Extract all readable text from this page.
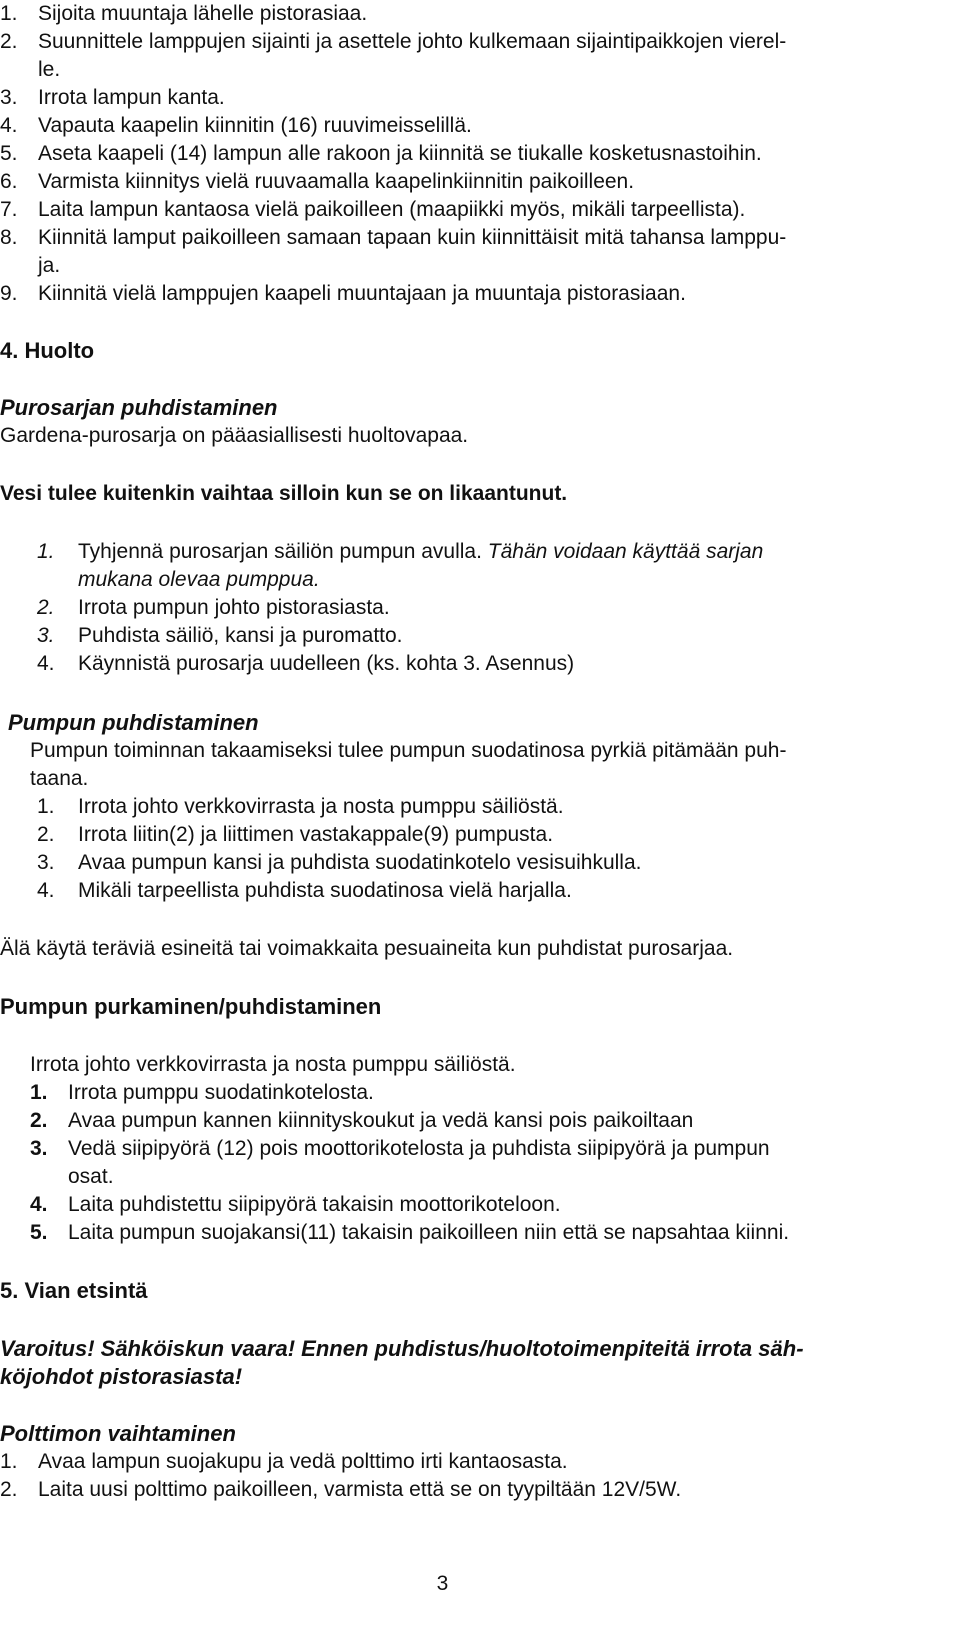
1. Sijoita muuntaja lähelle pistorasiaa.
2. Suunnittele lamppujen sijainti ja asettele johto kulkemaan sijaintipaikkojen vierel-
le.
3. Irrota lampun kanta.
4. Vapauta kaapelin kiinnitin (16) ruuvimeisselillä.
5. Aseta kaapeli (14) lampun alle rakoon ja kiinnitä se tiukalle kosketusnastoihin.
6. Varmista kiinnitys vielä ruuvaamalla kaapelinkiinnitin paikoilleen.
7. Laita lampun kantaosa vielä paikoilleen (maapiikki myös, mikäli tarpeellista).
8. Kiinnitä lamput paikoilleen samaan tapaan kuin kiinnittäisit mitä tahansa lamppu-
ja.
9. Kiinnitä vielä lamppujen kaapeli muuntajaan ja muuntaja pistorasiaan.
4. Huolto
Purosarjan puhdistaminen
Gardena-purosarja on pääasiallisesti huoltovapaa.
Vesi tulee kuitenkin vaihtaa silloin kun se on likaantunut.
1. Tyhjennä purosarjan säiliön pumpun avulla. Tähän voidaan käyttää sarjan
mukana olevaa pumppua.
2. Irrota pumpun johto pistorasiasta.
3. Puhdista säiliö, kansi ja puromatto.
4. Käynnistä purosarja uudelleen (ks. kohta 3. Asennus)
Pumpun puhdistaminen
Pumpun toiminnan takaamiseksi tulee pumpun suodatinosa pyrkiä pitämään puh-
taana.
1. Irrota johto verkkovirrasta ja nosta pumppu säiliöstä.
2. Irrota liitin(2) ja liittimen vastakappale(9) pumpusta.
3. Avaa pumpun kansi ja puhdista suodatinkotelo vesisuihkulla.
4. Mikäli tarpeellista puhdista suodatinosa vielä harjalla.
Älä käytä teräviä esineitä tai voimakkaita pesuaineita kun puhdistat purosarjaa.
Pumpun purkaminen/puhdistaminen
Irrota johto verkkovirrasta ja nosta pumppu säiliöstä.
1. Irrota pumppu suodatinkotelosta.
2. Avaa pumpun kannen kiinnityskoukut ja vedä kansi pois paikoiltaan
3. Vedä siipipyörä (12) pois moottorikotelosta ja puhdista siipipyörä ja pumpun
osat.
4. Laita puhdistettu siipipyörä takaisin moottorikoteloon.
5. Laita pumpun suojakansi(11) takaisin paikoilleen niin että se napsahtaa kiinni.
5. Vian etsintä
Varoitus! Sähköiskun vaara! Ennen puhdistus/huoltotoimenpiteitä irrota säh-
köjohdot pistorasiasta!
Polttimon vaihtaminen
1. Avaa lampun suojakupu ja vedä polttimo irti kantaosasta.
2. Laita uusi polttimo paikoilleen, varmista että se on tyypiltään 12V/5W.
3
